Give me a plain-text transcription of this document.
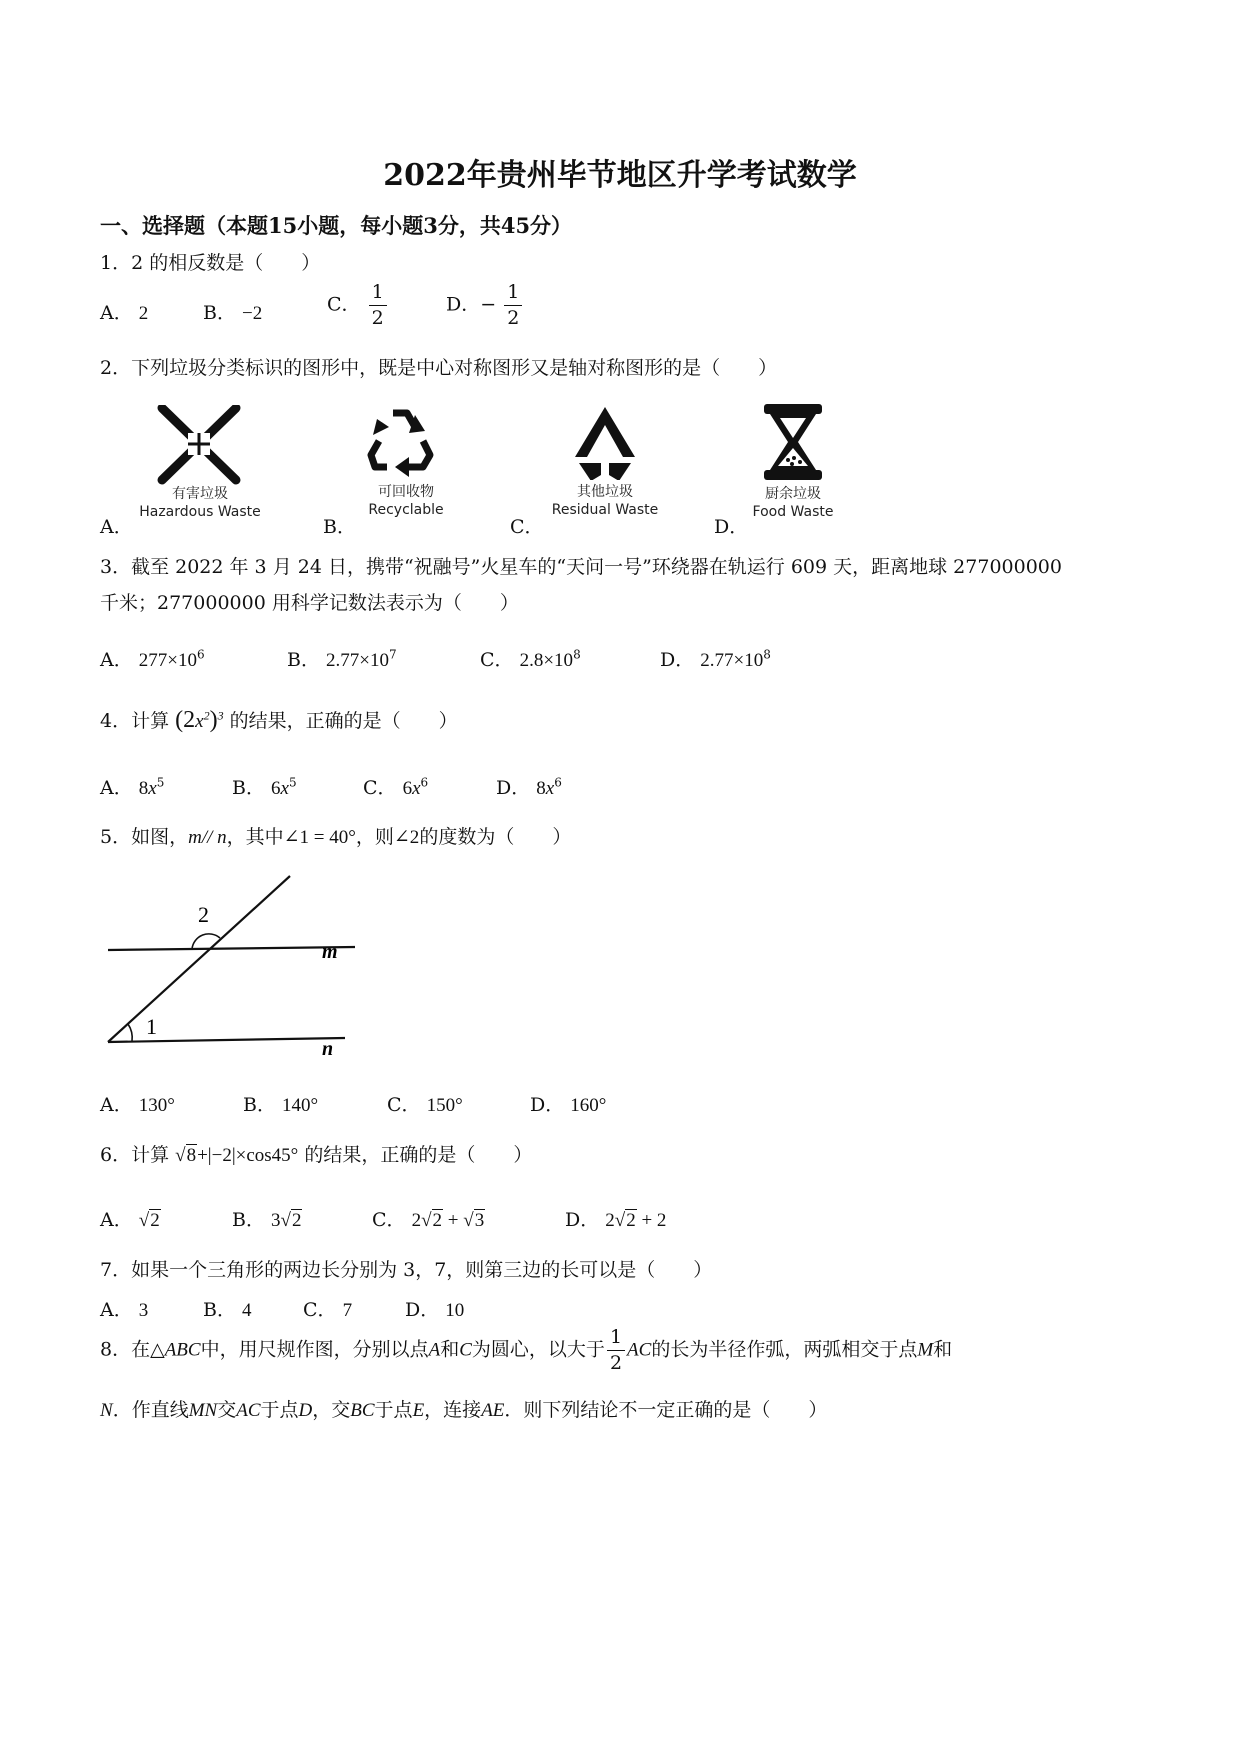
2022年贵州毕节地区升学考试数学
一、选择题（本题15小题，每小题3分，共45分）
1．2 的相反数是（　　）
A． 2	B． −2	C． $\frac{1}{2}$	D．− $\frac{1}{2}$
2．下列垃圾分类标识的图形中，既是中心对称图形又是轴对称图形的是（　　）
A．
有害垃圾
Hazardous Waste
B．
可回收物
Recyclable
C．
其他垃圾
Residual Waste
D．
厨余垃圾
Food Waste
3．截至 2022 年 3 月 24 日，携带“祝融号”火星车的“天问一号”环绕器在轨运行 609 天，距离地球 277000000
千米；277000000 用科学记数法表示为（　　）
A． $277\times 10^6$	B． $2.77\times 10^7$	C． $2.8\times 10^8$	D． $2.77\times 10^8$
4．计算 $(2x^2)^3$ 的结果，正确的是（　　）
A． $8x^5$	B． $6x^5$	C． $6x^6$	D． $8x^6$
5．如图，m// n，其中∠1 = 40°，则∠2的度数为（　　）
2
1
m
n
A． 130°	B． 140°	C． 150°	D． 160°
6．计算 √8+|−2|×cos45° 的结果，正确的是（　　）
A． √2	B． 3√2	C． 2√2 + √3	D． 2√2 + 2
7．如果一个三角形的两边长分别为 3，7，则第三边的长可以是（　　）
A． 3	B． 4	C． 7	D． 10
8．在△ABC中，用尺规作图，分别以点A和C为圆心，以大于 $\frac{1}{2}$ AC的长为半径作弧，两弧相交于点M和
N．作直线MN交AC于点D，交BC于点E，连接AE．则下列结论不一定正确的是（　　）
